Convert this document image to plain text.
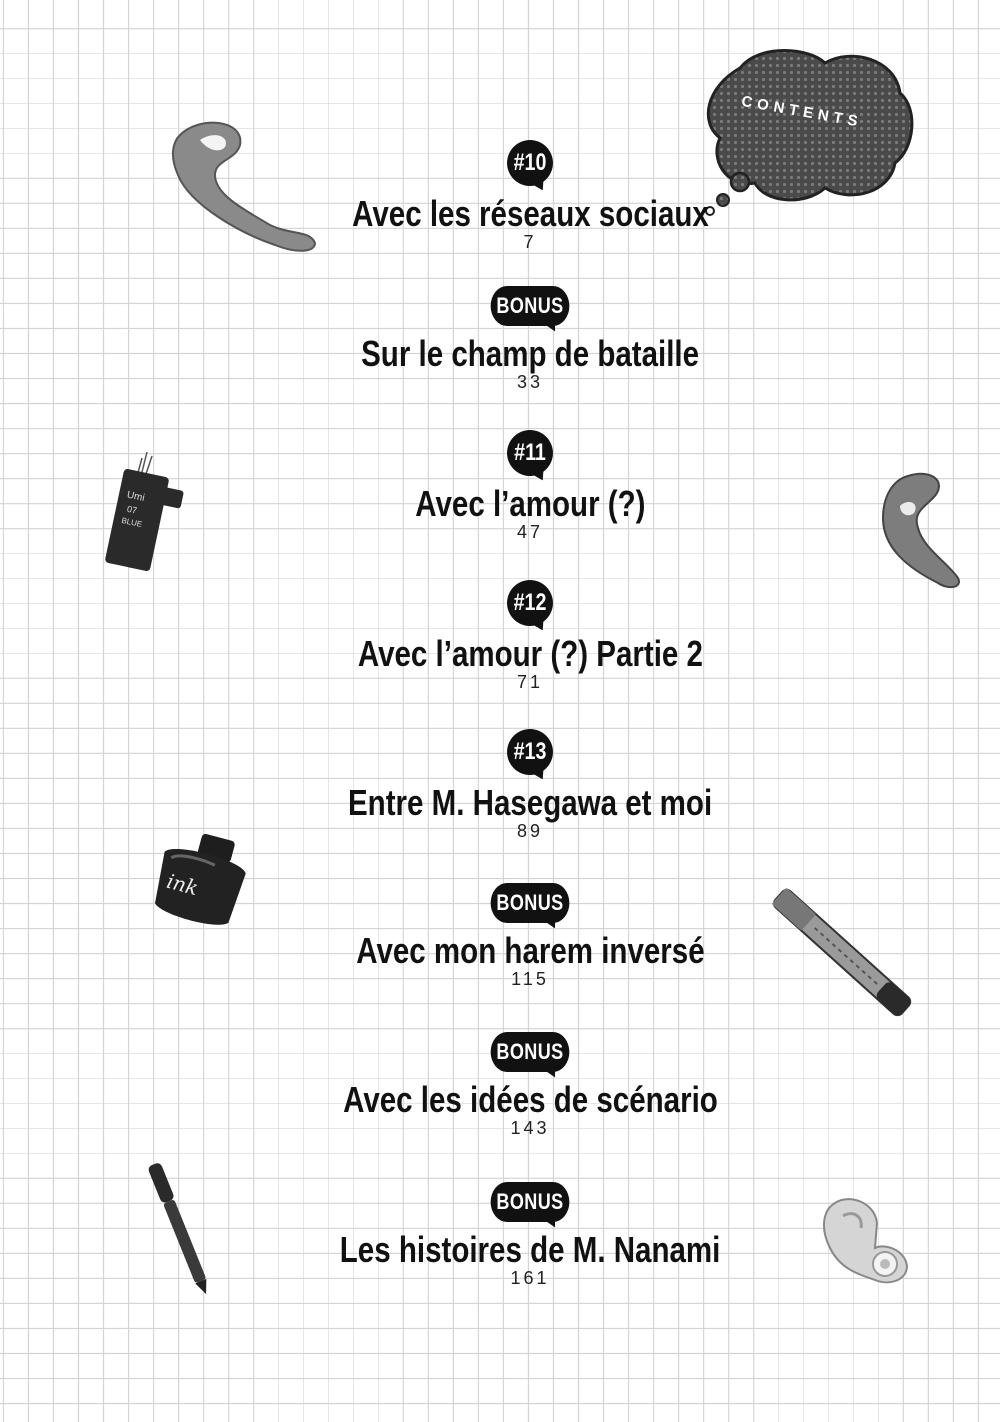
CONTENTS
Umi
07
BLUE
ink
#10
Avec les réseaux sociaux
7
BONUS
Sur le champ de bataille
33
#11
Avec l’amour (?)
47
#12
Avec l’amour (?) Partie 2
71
#13
Entre M. Hasegawa et moi
89
BONUS
Avec mon harem inversé
115
BONUS
Avec les idées de scénario
143
BONUS
Les histoires de M. Nanami
161
